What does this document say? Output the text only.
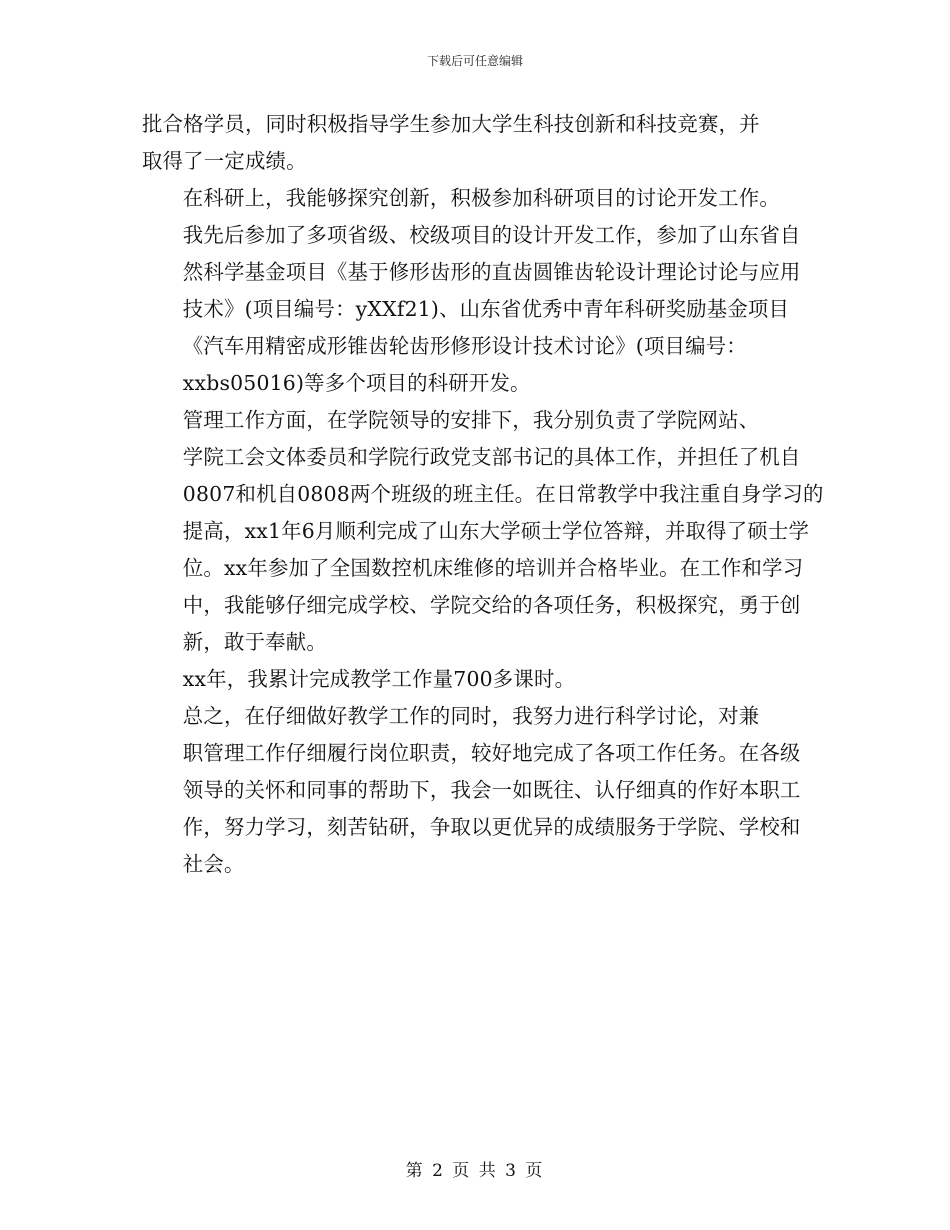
下载后可任意编辑

批合格学员，同时积极指导学生参加大学生科技创新和科技竞赛，并
取得了一定成绩。

在科研上，我能够探究创新，积极参加科研项目的讨论开发工作。
我先后参加了多项省级、校级项目的设计开发工作，参加了山东省自
然科学基金项目《基于修形齿形的直齿圆锥齿轮设计理论讨论与应用
技术》(项目编号：yXXf21)、山东省优秀中青年科研奖励基金项目
《汽车用精密成形锥齿轮齿形修形设计技术讨论》(项目编号：
xxbs05016)等多个项目的科研开发。

管理工作方面，在学院领导的安排下，我分别负责了学院网站、
学院工会文体委员和学院行政党支部书记的具体工作，并担任了机自
0807和机自0808两个班级的班主任。在日常教学中我注重自身学习的
提高，xx1年6月顺利完成了山东大学硕士学位答辩，并取得了硕士学
位。xx年参加了全国数控机床维修的培训并合格毕业。在工作和学习
中，我能够仔细完成学校、学院交给的各项任务，积极探究，勇于创
新，敢于奉献。

xx年，我累计完成教学工作量700多课时。

总之，在仔细做好教学工作的同时，我努力进行科学讨论，对兼
职管理工作仔细履行岗位职责，较好地完成了各项工作任务。在各级
领导的关怀和同事的帮助下，我会一如既往、认仔细真的作好本职工
作，努力学习，刻苦钻研，争取以更优异的成绩服务于学院、学校和
社会。

第 2 页 共 3 页
